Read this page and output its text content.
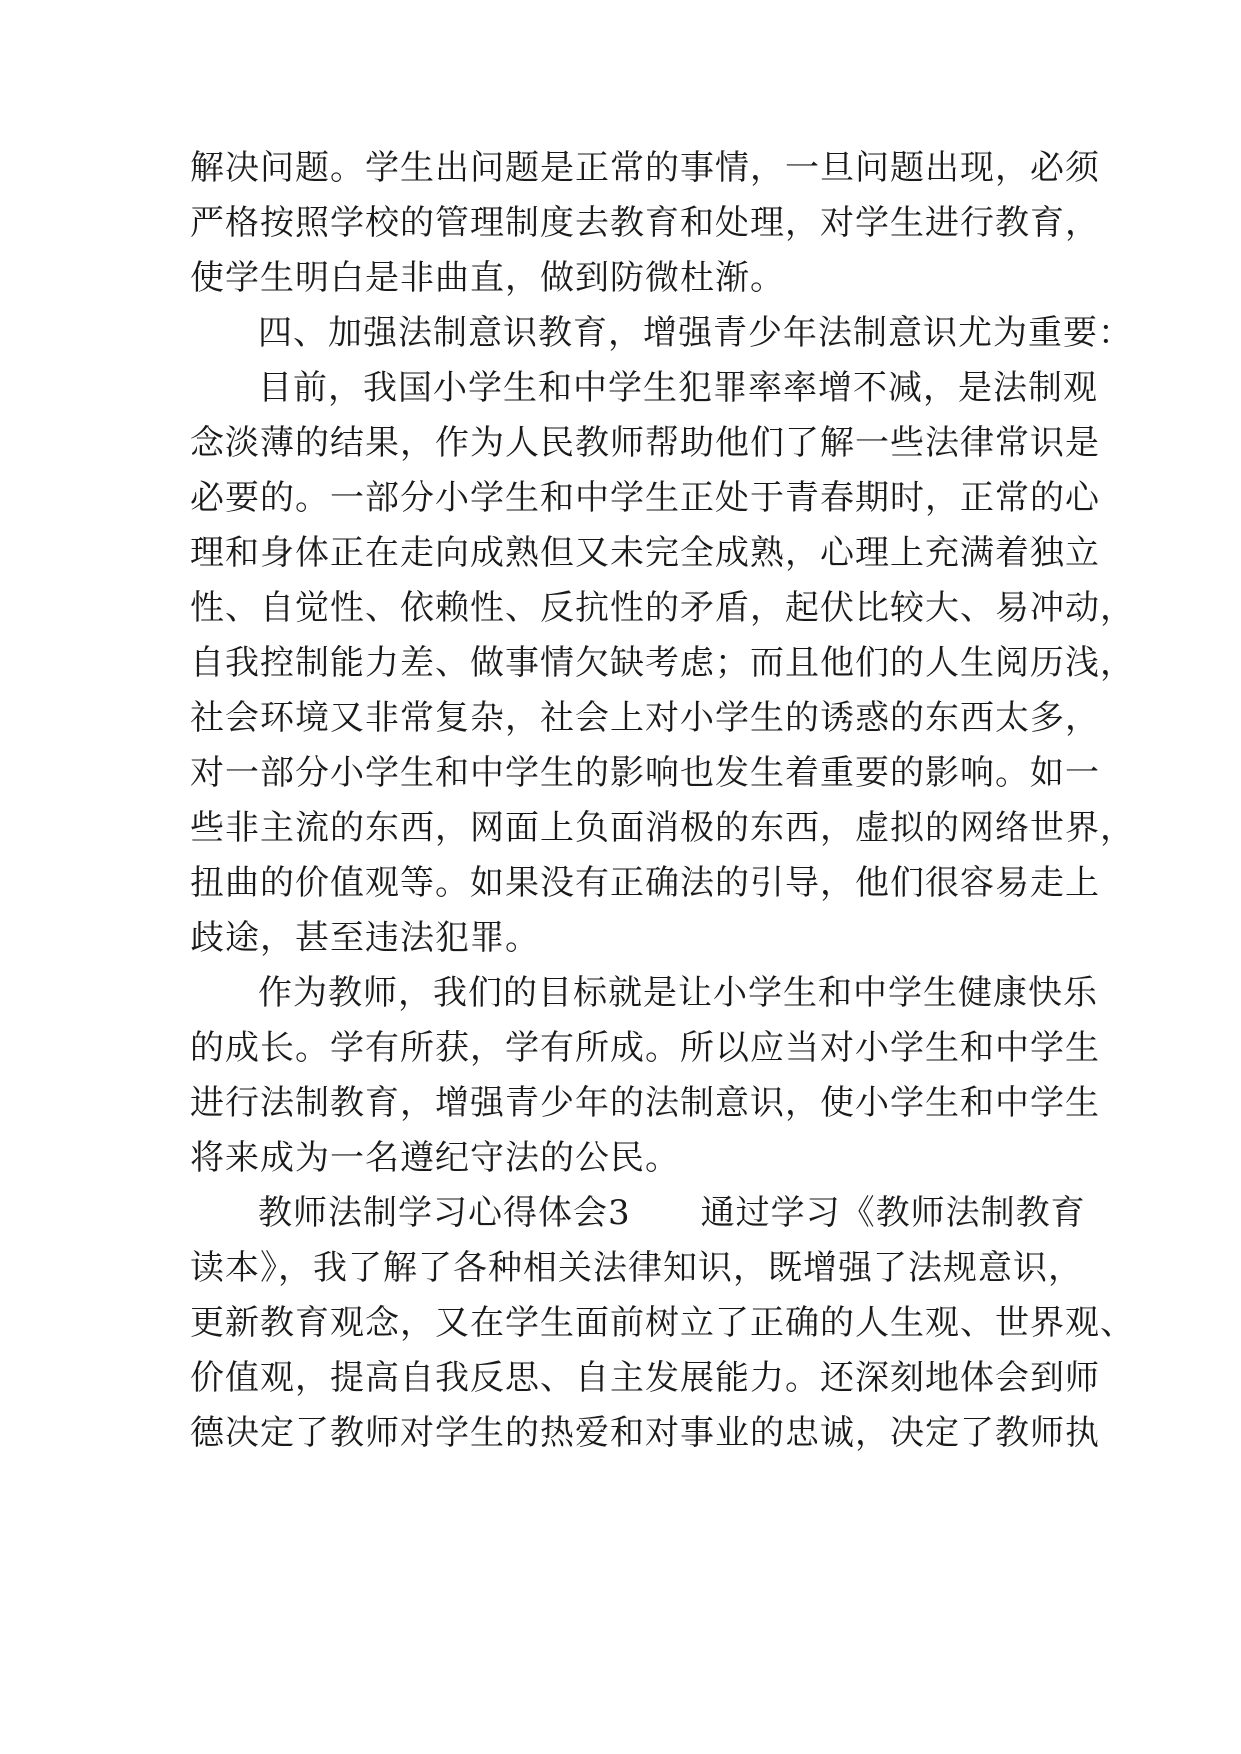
解决问题。学生出问题是正常的事情，一旦问题出现，必须
严格按照学校的管理制度去教育和处理，对学生进行教育，
使学生明白是非曲直，做到防微杜渐。
四、加强法制意识教育，增强青少年法制意识尤为重要：
目前，我国小学生和中学生犯罪率率增不减，是法制观
念淡薄的结果，作为人民教师帮助他们了解一些法律常识是
必要的。一部分小学生和中学生正处于青春期时，正常的心
理和身体正在走向成熟但又未完全成熟，心理上充满着独立
性、自觉性、依赖性、反抗性的矛盾，起伏比较大、易冲动，
自我控制能力差、做事情欠缺考虑；而且他们的人生阅历浅，
社会环境又非常复杂，社会上对小学生的诱惑的东西太多，
对一部分小学生和中学生的影响也发生着重要的影响。如一
些非主流的东西，网面上负面消极的东西，虚拟的网络世界，
扭曲的价值观等。如果没有正确法的引导，他们很容易走上
歧途，甚至违法犯罪。
作为教师，我们的目标就是让小学生和中学生健康快乐
的成长。学有所获，学有所成。所以应当对小学生和中学生
进行法制教育，增强青少年的法制意识，使小学生和中学生
将来成为一名遵纪守法的公民。
教师法制学习心得体会3　　通过学习《教师法制教育
读本》，我了解了各种相关法律知识，既增强了法规意识，
更新教育观念，又在学生面前树立了正确的人生观、世界观、
价值观，提高自我反思、自主发展能力。还深刻地体会到师
德决定了教师对学生的热爱和对事业的忠诚，决定了教师执
